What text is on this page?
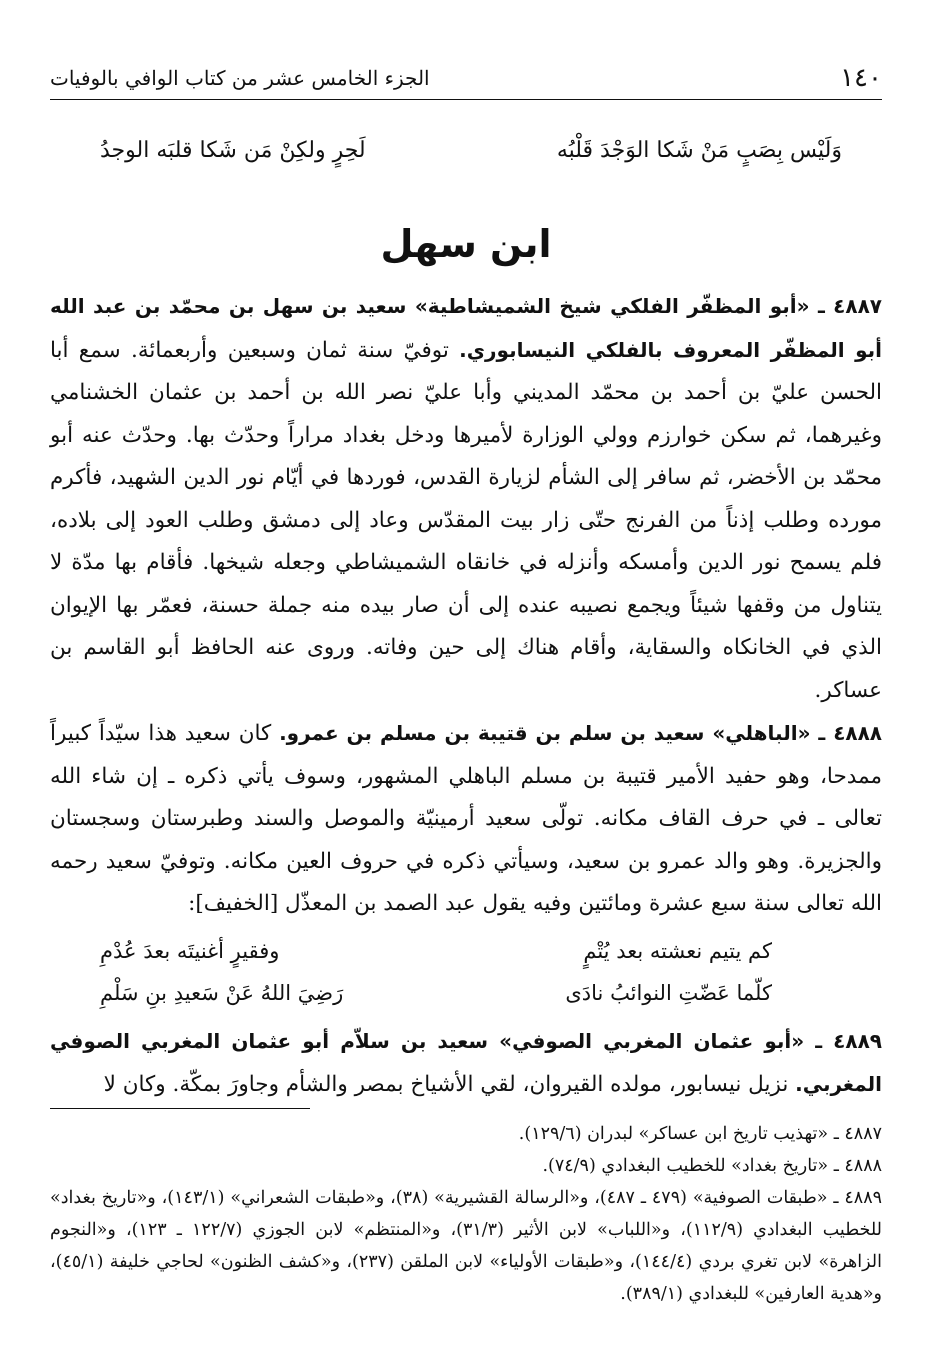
١٤٠
الجزء الخامس عشر من كتاب الوافي بالوفيات
وَلَيْس بِصَبٍ مَنْ شَكا الوَجْدَ قَلْبُه
لَحِرٍ ولكِنْ مَن شَكا قلبَه الوجدُ
ابن سهل

٤٨٨٧ ـ «أبو المظفّر الفلكي شيخ الشميشاطية» سعيد بن سهل بن محمّد بن عبد الله أبو المظفّر المعروف بالفلكي النيسابوري. توفيّ سنة ثمان وسبعين وأربعمائة. سمع أبا الحسن عليّ بن أحمد بن محمّد المديني وأبا عليّ نصر الله بن أحمد بن عثمان الخشنامي وغيرهما، ثم سكن خوارزم وولي الوزارة لأميرها ودخل بغداد مراراً وحدّث بها. وحدّث عنه أبو محمّد بن الأخضر، ثم سافر إلى الشأم لزيارة القدس، فوردها في أيّام نور الدين الشهيد، فأكرم مورده وطلب إذناً من الفرنج حتّى زار بيت المقدّس وعاد إلى دمشق وطلب العود إلى بلاده، فلم يسمح نور الدين وأمسكه وأنزله في خانقاه الشميشاطي وجعله شيخها. فأقام بها مدّة لا يتناول من وقفها شيئاً ويجمع نصيبه عنده إلى أن صار بيده منه جملة حسنة، فعمّر بها الإيوان الذي في الخانكاه والسقاية، وأقام هناك إلى حين وفاته. وروى عنه الحافظ أبو القاسم بن عساكر.

٤٨٨٨ ـ «الباهلي» سعيد بن سلم بن قتيبة بن مسلم بن عمرو. كان سعيد هذا سيّداً كبيراً ممدحا، وهو حفيد الأمير قتيبة بن مسلم الباهلي المشهور، وسوف يأتي ذكره ـ إن شاء الله تعالى ـ في حرف القاف مكانه. تولّى سعيد أرمينيّة والموصل والسند وطبرستان وسجستان والجزيرة. وهو والد عمرو بن سعيد، وسيأتي ذكره في حروف العين مكانه. وتوفيّ سعيد رحمه الله تعالى سنة سبع عشرة ومائتين وفيه يقول عبد الصمد بن المعذّل [الخفيف]:

كم يتيم نعشته بعد يُتْمٍ
وفقيرٍ أغنيتَه بعدَ عُدْمِ
كلّما عَضّتِ النوائبُ نادَى
رَضِيَ اللهُ عَنْ سَعيدِ بنِ سَلْمِ

٤٨٨٩ ـ «أبو عثمان المغربي الصوفي» سعيد بن سلاّم أبو عثمان المغربي الصوفي المغربي. نزيل نيسابور، مولده القيروان، لقي الأشياخ بمصر والشأم وجاورَ بمكّة. وكان لا

٤٨٨٧ ـ «تهذيب تاريخ ابن عساكر» لبدران (١٢٩/٦).

٤٨٨٨ ـ «تاريخ بغداد» للخطيب البغدادي (٧٤/٩).

٤٨٨٩ ـ «طبقات الصوفية» (٤٧٩ ـ ٤٨٧)، و«الرسالة القشيرية» (٣٨)، و«طبقات الشعراني» (١٤٣/١)، و«تاريخ بغداد» للخطيب البغدادي (١١٢/٩)، و«اللباب» لابن الأثير (٣١/٣)، و«المنتظم» لابن الجوزي (١٢٢/٧ ـ ١٢٣)، و«النجوم الزاهرة» لابن تغري بردي (١٤٤/٤)، و«طبقات الأولياء» لابن الملقن (٢٣٧)، و«كشف الظنون» لحاجي خليفة (٤٥/١)، و«هدية العارفين» للبغدادي (٣٨٩/١).
